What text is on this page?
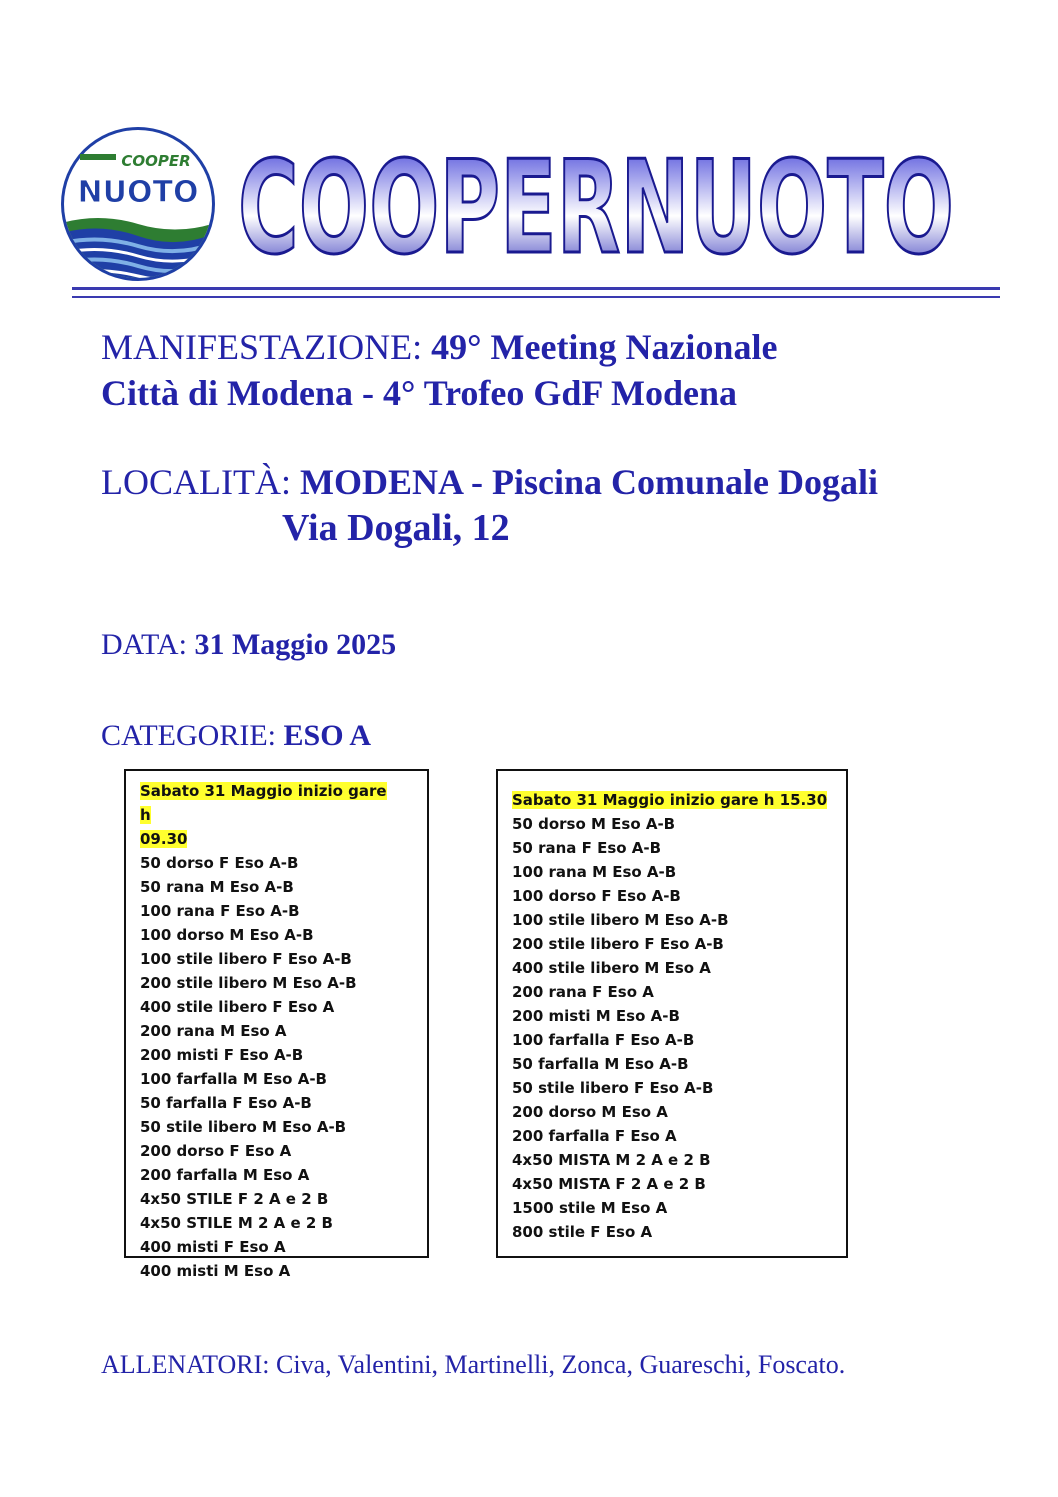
COOPER
NUOTO COOPERNUOTO
MANIFESTAZIONE: 49° Meeting Nazionale
Città di Modena - 4° Trofeo GdF Modena
LOCALITÀ: MODENA - Piscina Comunale Dogali
Via Dogali, 12
DATA: 31 Maggio 2025
CATEGORIE: ESO A
Sabato 31 Maggio inizio gare h
09.30
50 dorso F Eso A-B
50 rana M Eso A-B
100 rana F Eso A-B
100 dorso M Eso A-B
100 stile libero F Eso A-B
200 stile libero M Eso A-B
400 stile libero F Eso A
200 rana M Eso A
200 misti F Eso A-B
100 farfalla M Eso A-B
50 farfalla F Eso A-B
50 stile libero M Eso A-B
200 dorso F Eso A
200 farfalla M Eso A
4x50 STILE F 2 A e 2 B
4x50 STILE M 2 A e 2 B
400 misti F Eso A
400 misti M Eso A
Sabato 31 Maggio inizio gare h 15.30
50 dorso M Eso A-B
50 rana F Eso A-B
100 rana M Eso A-B
100 dorso F Eso A-B
100 stile libero M Eso A-B
200 stile libero F Eso A-B
400 stile libero M Eso A
200 rana F Eso A
200 misti M Eso A-B
100 farfalla F Eso A-B
50 farfalla M Eso A-B
50 stile libero F Eso A-B
200 dorso M Eso A
200 farfalla F Eso A
4x50 MISTA M 2 A e 2 B
4x50 MISTA F 2 A e 2 B
1500 stile M Eso A
800 stile F Eso A
ALLENATORI: Civa, Valentini, Martinelli, Zonca, Guareschi, Foscato.
